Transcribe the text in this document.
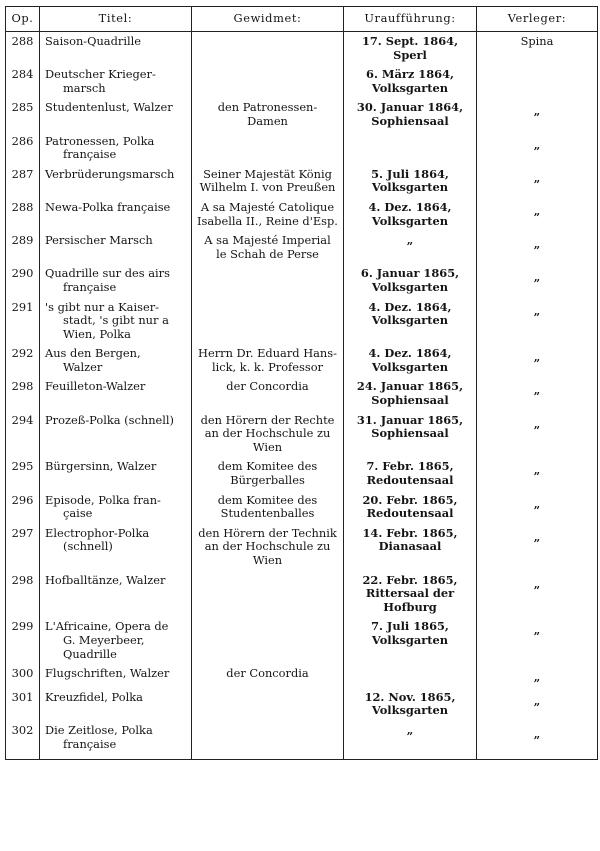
Op.	Titel:	Gewidmet:	Uraufführung:	Verleger:
288	Saison-Quadrille		17. Sept. 1864,
Sperl	Spina
284	Deutscher Krieger-
marsch		6. März 1864,
Volksgarten	

285	Studentenlust, Walzer	den Patronessen-
Damen	30. Januar 1864,
Sophiensaal	„
286	Patronessen, Polka
française			„
287	Verbrüderungsmarsch	Seiner Majestät König
Wilhelm I. von Preußen	5. Juli 1864,
Volksgarten	„
288	Newa-Polka française	A sa Majesté Catolique
Isabella II., Reine d'Esp.	4. Dez. 1864,
Volksgarten	„
289	Persischer Marsch	A sa Majesté Imperial
le Schah de Perse	„	„
290	Quadrille sur des airs
française		6. Januar 1865,
Volksgarten	„
291	's gibt nur a Kaiser-
stadt, 's gibt nur a
Wien, Polka		4. Dez. 1864,
Volksgarten	„
292	Aus den Bergen,
Walzer	Herrn Dr. Eduard Hans-
lick, k. k. Professor	4. Dez. 1864,
Volksgarten	„
298	Feuilleton-Walzer	der Concordia	24. Januar 1865,
Sophiensaal	„
294	Prozeß-Polka (schnell)	den Hörern der Rechte
an der Hochschule zu
Wien	31. Januar 1865,
Sophiensaal	„
295	Bürgersinn, Walzer	dem Komitee des
Bürgerballes	7. Febr. 1865,
Redoutensaal	„
296	Episode, Polka fran-
çaise	dem Komitee des
Studentenballes	20. Febr. 1865,
Redoutensaal	„
297	Electrophor-Polka
(schnell)	den Hörern der Technik
an der Hochschule zu
Wien	14. Febr. 1865,
Dianasaal	„
298	Hofballtänze, Walzer		22. Febr. 1865,
Rittersaal der
Hofburg	„
299	L'Africaine, Opera de
G. Meyerbeer,
Quadrille		7. Juli 1865,
Volksgarten	„
300	Flugschriften, Walzer	der Concordia		„
301	Kreuzfidel, Polka		12. Nov. 1865,
Volksgarten	„
302	Die Zeitlose, Polka
française		„	„
